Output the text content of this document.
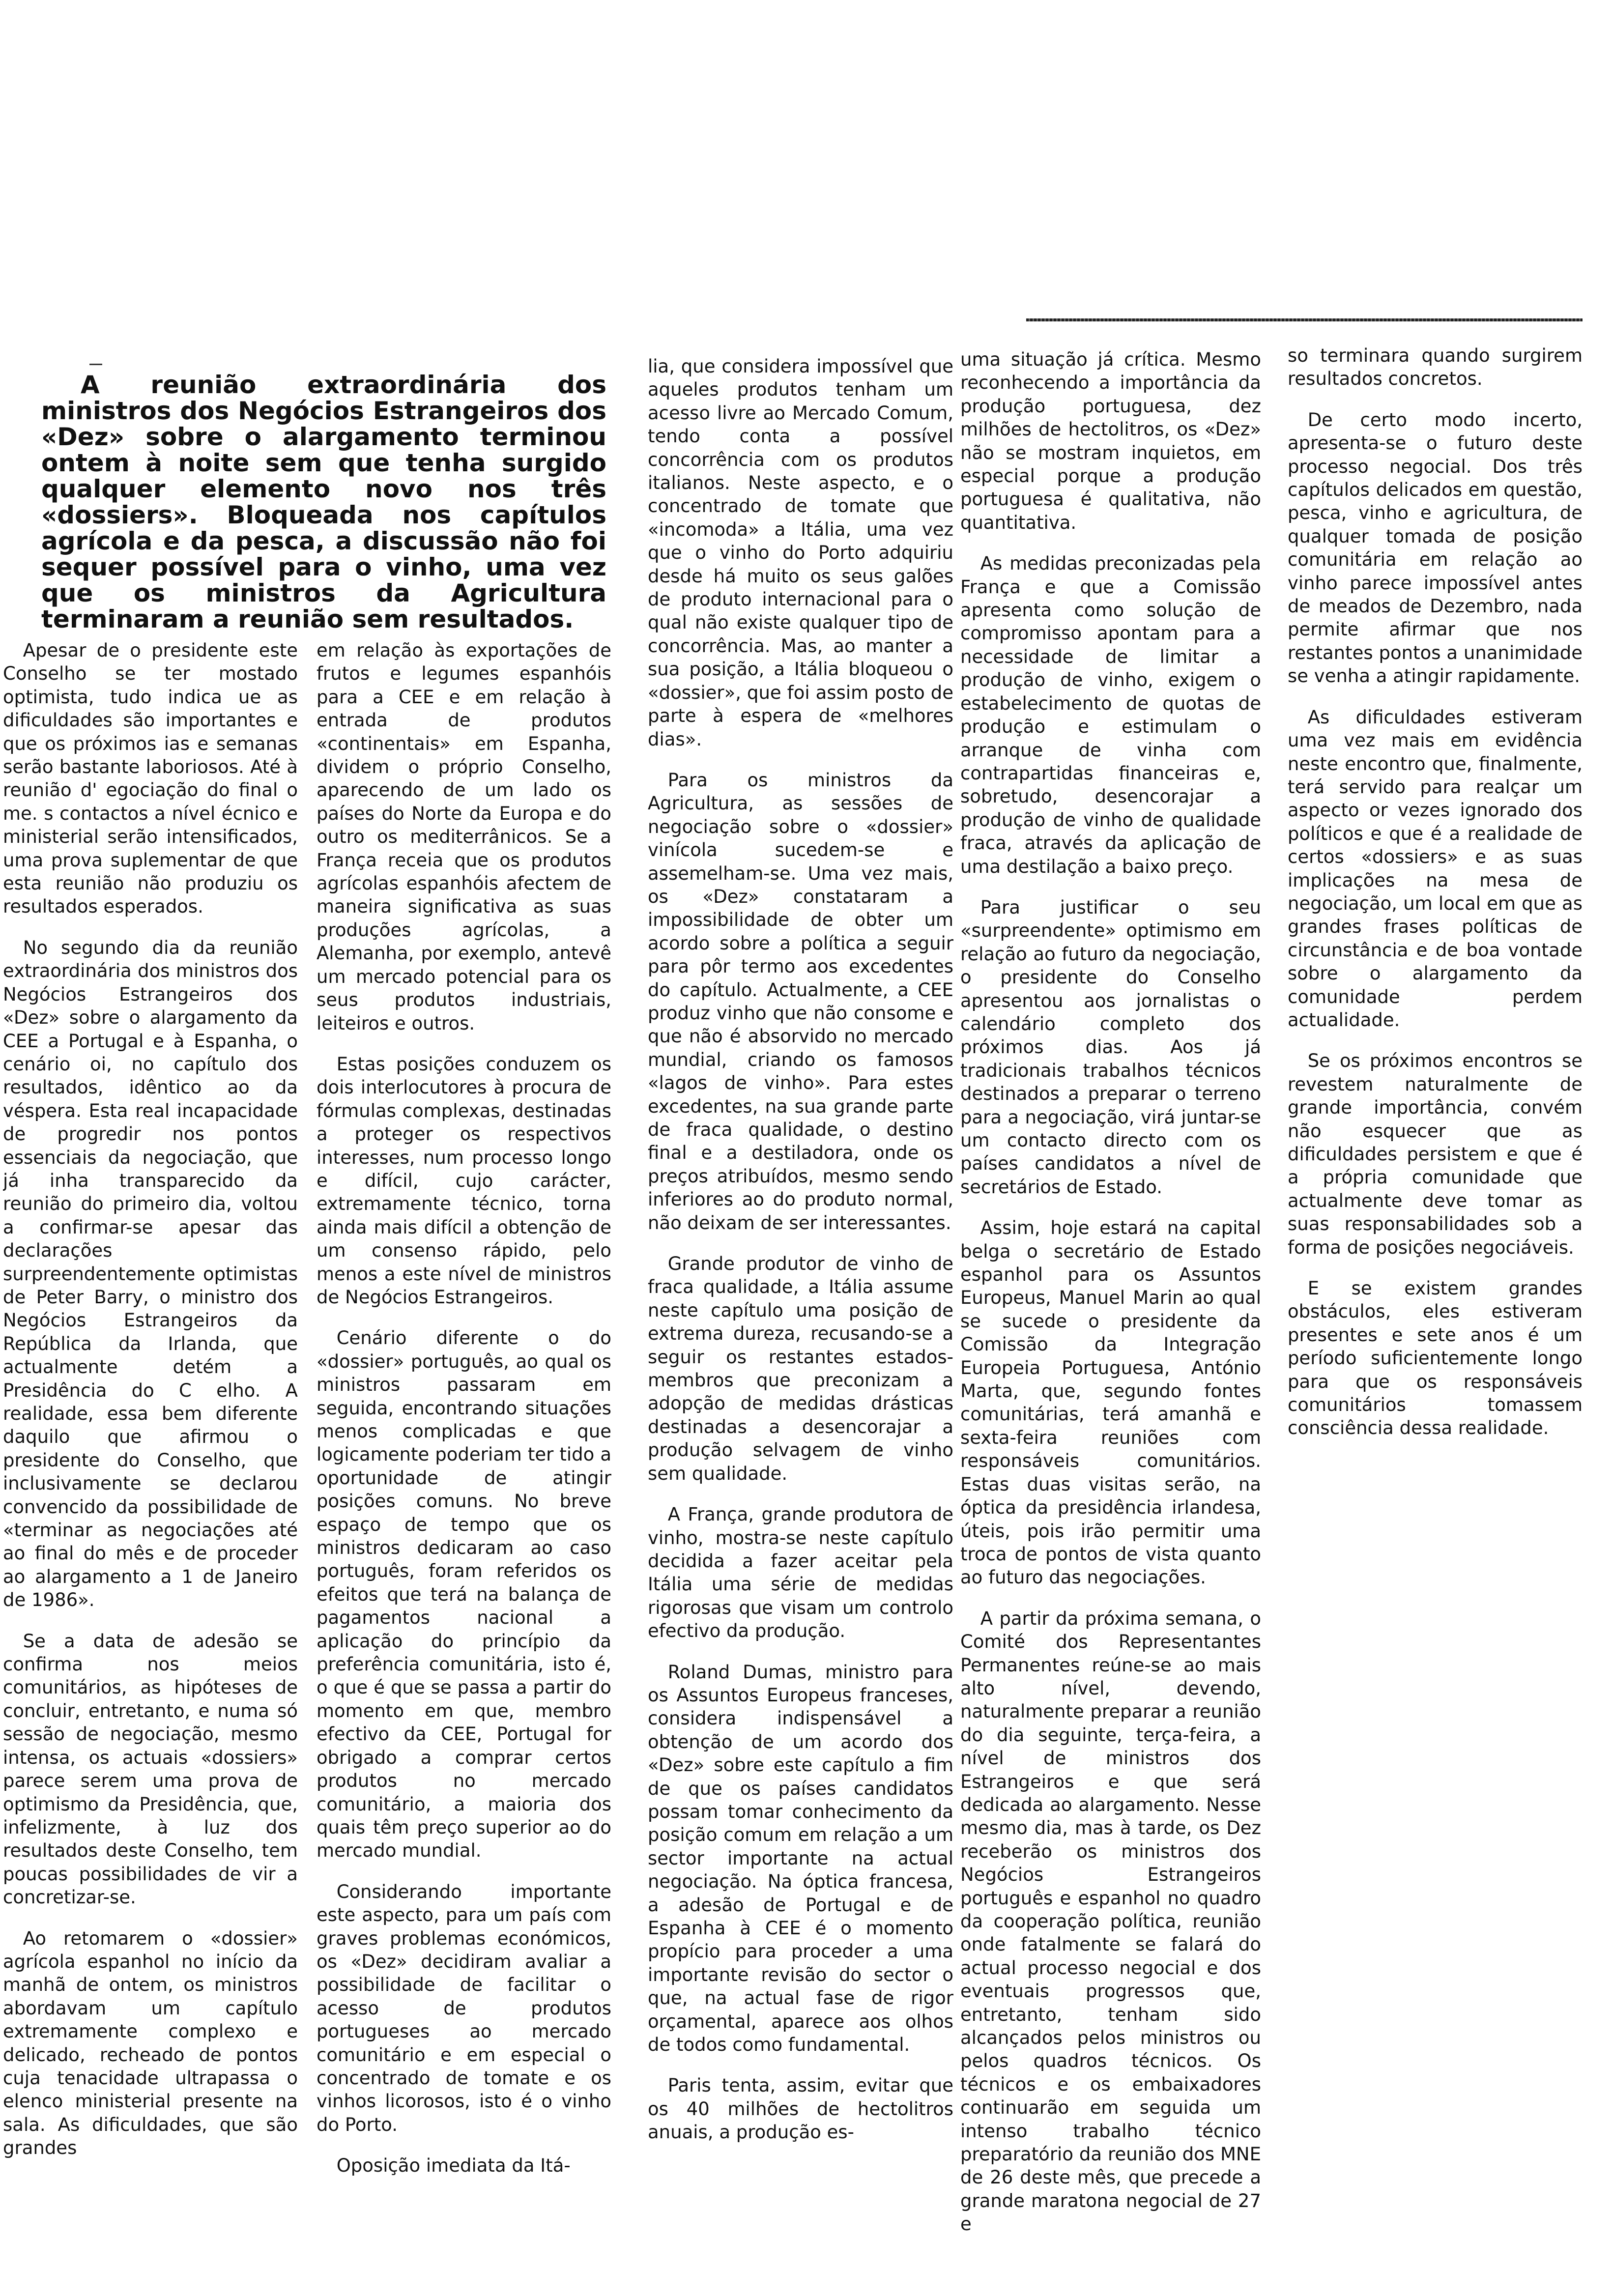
A reunião extraordinária dos ministros dos Negócios Estrangeiros dos «Dez» sobre o alargamento terminou ontem à noite sem que tenha surgido qualquer elemento novo nos três «dossiers». Bloqueada nos capítulos agrícola e da pesca, a discussão não foi sequer possível para o vinho, uma vez que os ministros da Agricultura terminaram a reunião sem resultados.

Apesar de o presidente este Conselho se ter mostado optimista, tudo indica ue as dificuldades são importantes e que os próximos ias e semanas serão bastante laboriosos. Até à reunião d' egociação do final o me. s contactos a nível écnico e ministerial serão intensificados, uma prova suplementar de que esta reunião não produziu os resultados esperados.

No segundo dia da reunião extraordinária dos ministros dos Negócios Estrangeiros dos «Dez» sobre o alargamento da CEE a Portugal e à Espanha, o cenário oi, no capítulo dos resultados, idêntico ao da véspera. Esta real incapacidade de progredir nos pontos essenciais da negociação, que já inha transparecido da reunião do primeiro dia, voltou a confirmar-se apesar das declarações surpreendentemente optimistas de Peter Barry, o ministro dos Negócios Estrangeiros da República da Irlanda, que actualmente detém a Presidência do C elho. A realidade, essa bem diferente daquilo que afirmou o presidente do Conselho, que inclusivamente se declarou convencido da possibilidade de «terminar as negociações até ao final do mês e de proceder ao alargamento a 1 de Janeiro de 1986».

Se a data de adesão se confirma nos meios comunitários, as hipóteses de concluir, entretanto, e numa só sessão de negociação, mesmo intensa, os actuais «dossiers» parece serem uma prova de optimismo da Presidência, que, infelizmente, à luz dos resultados deste Conselho, tem poucas possibilidades de vir a concretizar-se.

Ao retomarem o «dossier» agrícola espanhol no início da manhã de ontem, os ministros abordavam um capítulo extremamente complexo e delicado, recheado de pontos cuja tenacidade ultrapassa o elenco ministerial presente na sala. As dificuldades, que são grandes

em relação às exportações de frutos e legumes espanhóis para a CEE e em relação à entrada de produtos «continentais» em Espanha, dividem o próprio Conselho, aparecendo de um lado os países do Norte da Europa e do outro os mediterrânicos. Se a França receia que os produtos agrícolas espanhóis afectem de maneira significativa as suas produções agrícolas, a Alemanha, por exemplo, antevê um mercado potencial para os seus produtos industriais, leiteiros e outros.

Estas posições conduzem os dois interlocutores à procura de fórmulas complexas, destinadas a proteger os respectivos interesses, num processo longo e difícil, cujo carácter, extremamente técnico, torna ainda mais difícil a obtenção de um consenso rápido, pelo menos a este nível de ministros de Negócios Estrangeiros.

Cenário diferente o do «dossier» português, ao qual os ministros passaram em seguida, encontrando situações menos complicadas e que logicamente poderiam ter tido a oportunidade de atingir posições comuns. No breve espaço de tempo que os ministros dedicaram ao caso português, foram referidos os efeitos que terá na balança de pagamentos nacional a aplicação do princípio da preferência comunitária, isto é, o que é que se passa a partir do momento em que, membro efectivo da CEE, Portugal for obrigado a comprar certos produtos no mercado comunitário, a maioria dos quais têm preço superior ao do mercado mundial.

Considerando importante este aspecto, para um país com graves problemas económicos, os «Dez» decidiram avaliar a possibilidade de facilitar o acesso de produtos portugueses ao mercado comunitário e em especial o concentrado de tomate e os vinhos licorosos, isto é o vinho do Porto.

Oposição imediata da Itá-

lia, que considera impossível que aqueles produtos tenham um acesso livre ao Mercado Comum, tendo conta a possível concorrência com os produtos italianos. Neste aspecto, e o concentrado de tomate que «incomoda» a Itália, uma vez que o vinho do Porto adquiriu desde há muito os seus galões de produto internacional para o qual não existe qualquer tipo de concorrência. Mas, ao manter a sua posição, a Itália bloqueou o «dossier», que foi assim posto de parte à espera de «melhores dias».

Para os ministros da Agricultura, as sessões de negociação sobre o «dossier» vinícola sucedem-se e assemelham-se. Uma vez mais, os «Dez» constataram a impossibilidade de obter um acordo sobre a política a seguir para pôr termo aos excedentes do capítulo. Actualmente, a CEE produz vinho que não consome e que não é absorvido no mercado mundial, criando os famosos «lagos de vinho». Para estes excedentes, na sua grande parte de fraca qualidade, o destino final e a destiladora, onde os preços atribuídos, mesmo sendo inferiores ao do produto normal, não deixam de ser interessantes.

Grande produtor de vinho de fraca qualidade, a Itália assume neste capítulo uma posição de extrema dureza, recusando-se a seguir os restantes estados-membros que preconizam a adopção de medidas drásticas destinadas a desencorajar a produção selvagem de vinho sem qualidade.

A França, grande produtora de vinho, mostra-se neste capítulo decidida a fazer aceitar pela Itália uma série de medidas rigorosas que visam um controlo efectivo da produção.

Roland Dumas, ministro para os Assuntos Europeus franceses, considera indispensável a obtenção de um acordo dos «Dez» sobre este capítulo a fim de que os países candidatos possam tomar conhecimento da posição comum em relação a um sector importante na actual negociação. Na óptica francesa, a adesão de Portugal e de Espanha à CEE é o momento propício para proceder a uma importante revisão do sector o que, na actual fase de rigor orçamental, aparece aos olhos de todos como fundamental.

Paris tenta, assim, evitar que os 40 milhões de hectolitros anuais, a produção es-

uma situação já crítica. Mesmo reconhecendo a importância da produção portuguesa, dez milhões de hectolitros, os «Dez» não se mostram inquietos, em especial porque a produção portuguesa é qualitativa, não quantitativa.

As medidas preconizadas pela França e que a Comissão apresenta como solução de compromisso apontam para a necessidade de limitar a produção de vinho, exigem o estabelecimento de quotas de produção e estimulam o arranque de vinha com contrapartidas financeiras e, sobretudo, desencorajar a produção de vinho de qualidade fraca, através da aplicação de uma destilação a baixo preço.

Para justificar o seu «surpreendente» optimismo em relação ao futuro da negociação, o presidente do Conselho apresentou aos jornalistas o calendário completo dos próximos dias. Aos já tradicionais trabalhos técnicos destinados a preparar o terreno para a negociação, virá juntar-se um contacto directo com os países candidatos a nível de secretários de Estado.

Assim, hoje estará na capital belga o secretário de Estado espanhol para os Assuntos Europeus, Manuel Marin ao qual se sucede o presidente da Comissão da Integração Europeia Portuguesa, António Marta, que, segundo fontes comunitárias, terá amanhã e sexta-feira reuniões com responsáveis comunitários. Estas duas visitas serão, na óptica da presidência irlandesa, úteis, pois irão permitir uma troca de pontos de vista quanto ao futuro das negociações.

A partir da próxima semana, o Comité dos Representantes Permanentes reúne-se ao mais alto nível, devendo, naturalmente preparar a reunião do dia seguinte, terça-feira, a nível de ministros dos Estrangeiros e que será dedicada ao alargamento. Nesse mesmo dia, mas à tarde, os Dez receberão os ministros dos Negócios Estrangeiros português e espanhol no quadro da cooperação política, reunião onde fatalmente se falará do actual processo negocial e dos eventuais progressos que, entretanto, tenham sido alcançados pelos ministros ou pelos quadros técnicos. Os técnicos e os embaixadores continuarão em seguida um intenso trabalho técnico preparatório da reunião dos MNE de 26 deste mês, que precede a grande maratona negocial de 27 e

so terminara quando surgirem resultados concretos.

De certo modo incerto, apresenta-se o futuro deste processo negocial. Dos três capítulos delicados em questão, pesca, vinho e agricultura, de qualquer tomada de posição comunitária em relação ao vinho parece impossível antes de meados de Dezembro, nada permite afirmar que nos restantes pontos a unanimidade se venha a atingir rapidamente.

As dificuldades estiveram uma vez mais em evidência neste encontro que, finalmente, terá servido para realçar um aspecto or vezes ignorado dos políticos e que é a realidade de certos «dossiers» e as suas implicações na mesa de negociação, um local em que as grandes frases políticas de circunstância e de boa vontade sobre o alargamento da comunidade perdem actualidade.

Se os próximos encontros se revestem naturalmente de grande importância, convém não esquecer que as dificuldades persistem e que é a própria comunidade que actualmente deve tomar as suas responsabilidades sob a forma de posições negociáveis.

E se existem grandes obstáculos, eles estiveram presentes e sete anos é um período suficientemente longo para que os responsáveis comunitários tomassem consciência dessa realidade.
